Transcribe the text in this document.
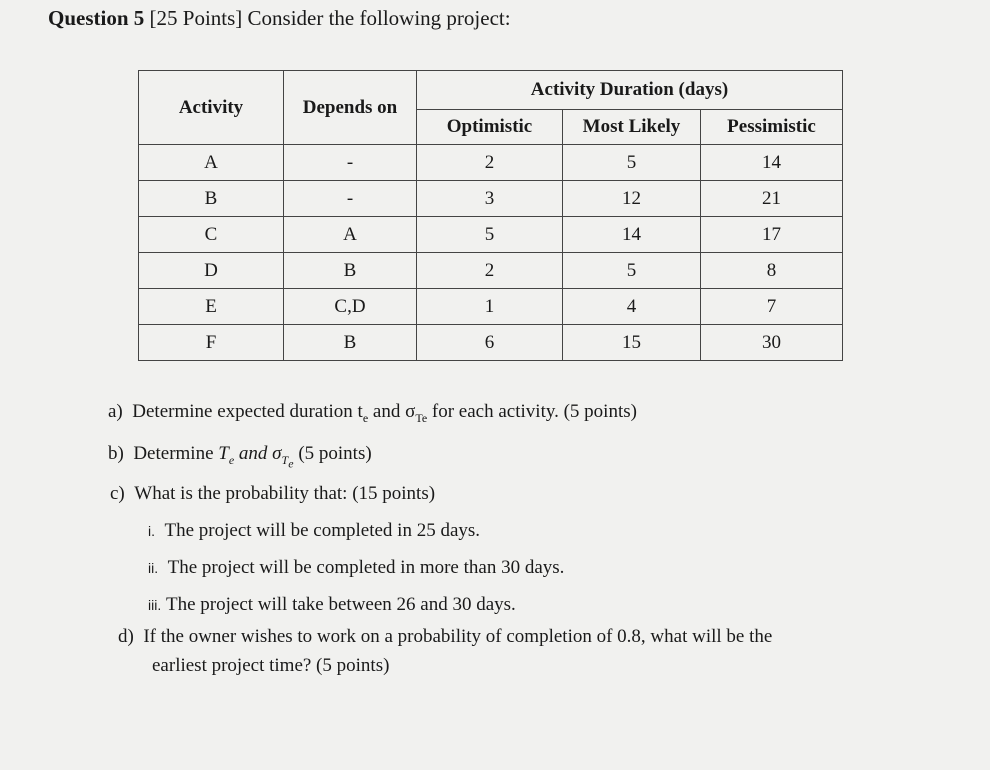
Question 5 [25 Points] Consider the following project:
Activity	Depends on	Activity Duration (days)		
		Optimistic	Most Likely	Pessimistic
A	-	2	5	14
B	-	3	12	21
C	A	5	14	17
D	B	2	5	8
E	C,D	1	4	7
F	B	6	15	30
a) Determine expected duration $t_e$ and $\sigma_{Te}$ for each activity. (5 points)
b) Determine $T_e$ and $\sigma_{T_e}$ (5 points)
c) What is the probability that: (15 points)
i. The project will be completed in 25 days.
ii. The project will be completed in more than 30 days.
iii. The project will take between 26 and 30 days.
d) If the owner wishes to work on a probability of completion of 0.8, what will be the
earliest project time? (5 points)
